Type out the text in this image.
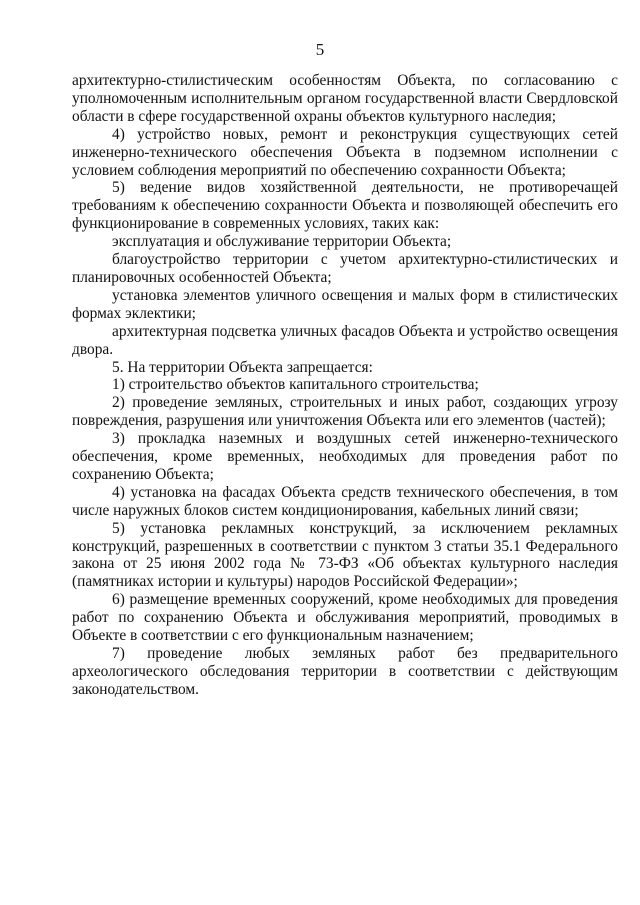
5

архитектурно-стилистическим особенностям Объекта, по согласованию с уполномоченным исполнительным органом государственной власти Свердловской области в сфере государственной охраны объектов культурного наследия;

4) устройство новых, ремонт и реконструкция существующих сетей инженерно-технического обеспечения Объекта в подземном исполнении с условием соблюдения мероприятий по обеспечению сохранности Объекта;

5) ведение видов хозяйственной деятельности, не противоречащей требованиям к обеспечению сохранности Объекта и позволяющей обеспечить его функционирование в современных условиях, таких как:

эксплуатация и обслуживание территории Объекта;

благоустройство территории с учетом архитектурно-стилистических и планировочных особенностей Объекта;

установка элементов уличного освещения и малых форм в стилистических формах эклектики;

архитектурная подсветка уличных фасадов Объекта и устройство освещения двора.

5. На территории Объекта запрещается:

1) строительство объектов капитального строительства;

2) проведение земляных, строительных и иных работ, создающих угрозу повреждения, разрушения или уничтожения Объекта или его элементов (частей);

3) прокладка наземных и воздушных сетей инженерно-технического обеспечения, кроме временных, необходимых для проведения работ по сохранению Объекта;

4) установка на фасадах Объекта средств технического обеспечения, в том числе наружных блоков систем кондиционирования, кабельных линий связи;

5) установка рекламных конструкций, за исключением рекламных конструкций, разрешенных в соответствии с пунктом 3 статьи 35.1 Федерального закона от 25 июня 2002 года № 73-ФЗ «Об объектах культурного наследия (памятниках истории и культуры) народов Российской Федерации»;

6) размещение временных сооружений, кроме необходимых для проведения работ по сохранению Объекта и обслуживания мероприятий, проводимых в Объекте в соответствии с его функциональным назначением;

7) проведение любых земляных работ без предварительного археологического обследования территории в соответствии с действующим законодательством.
